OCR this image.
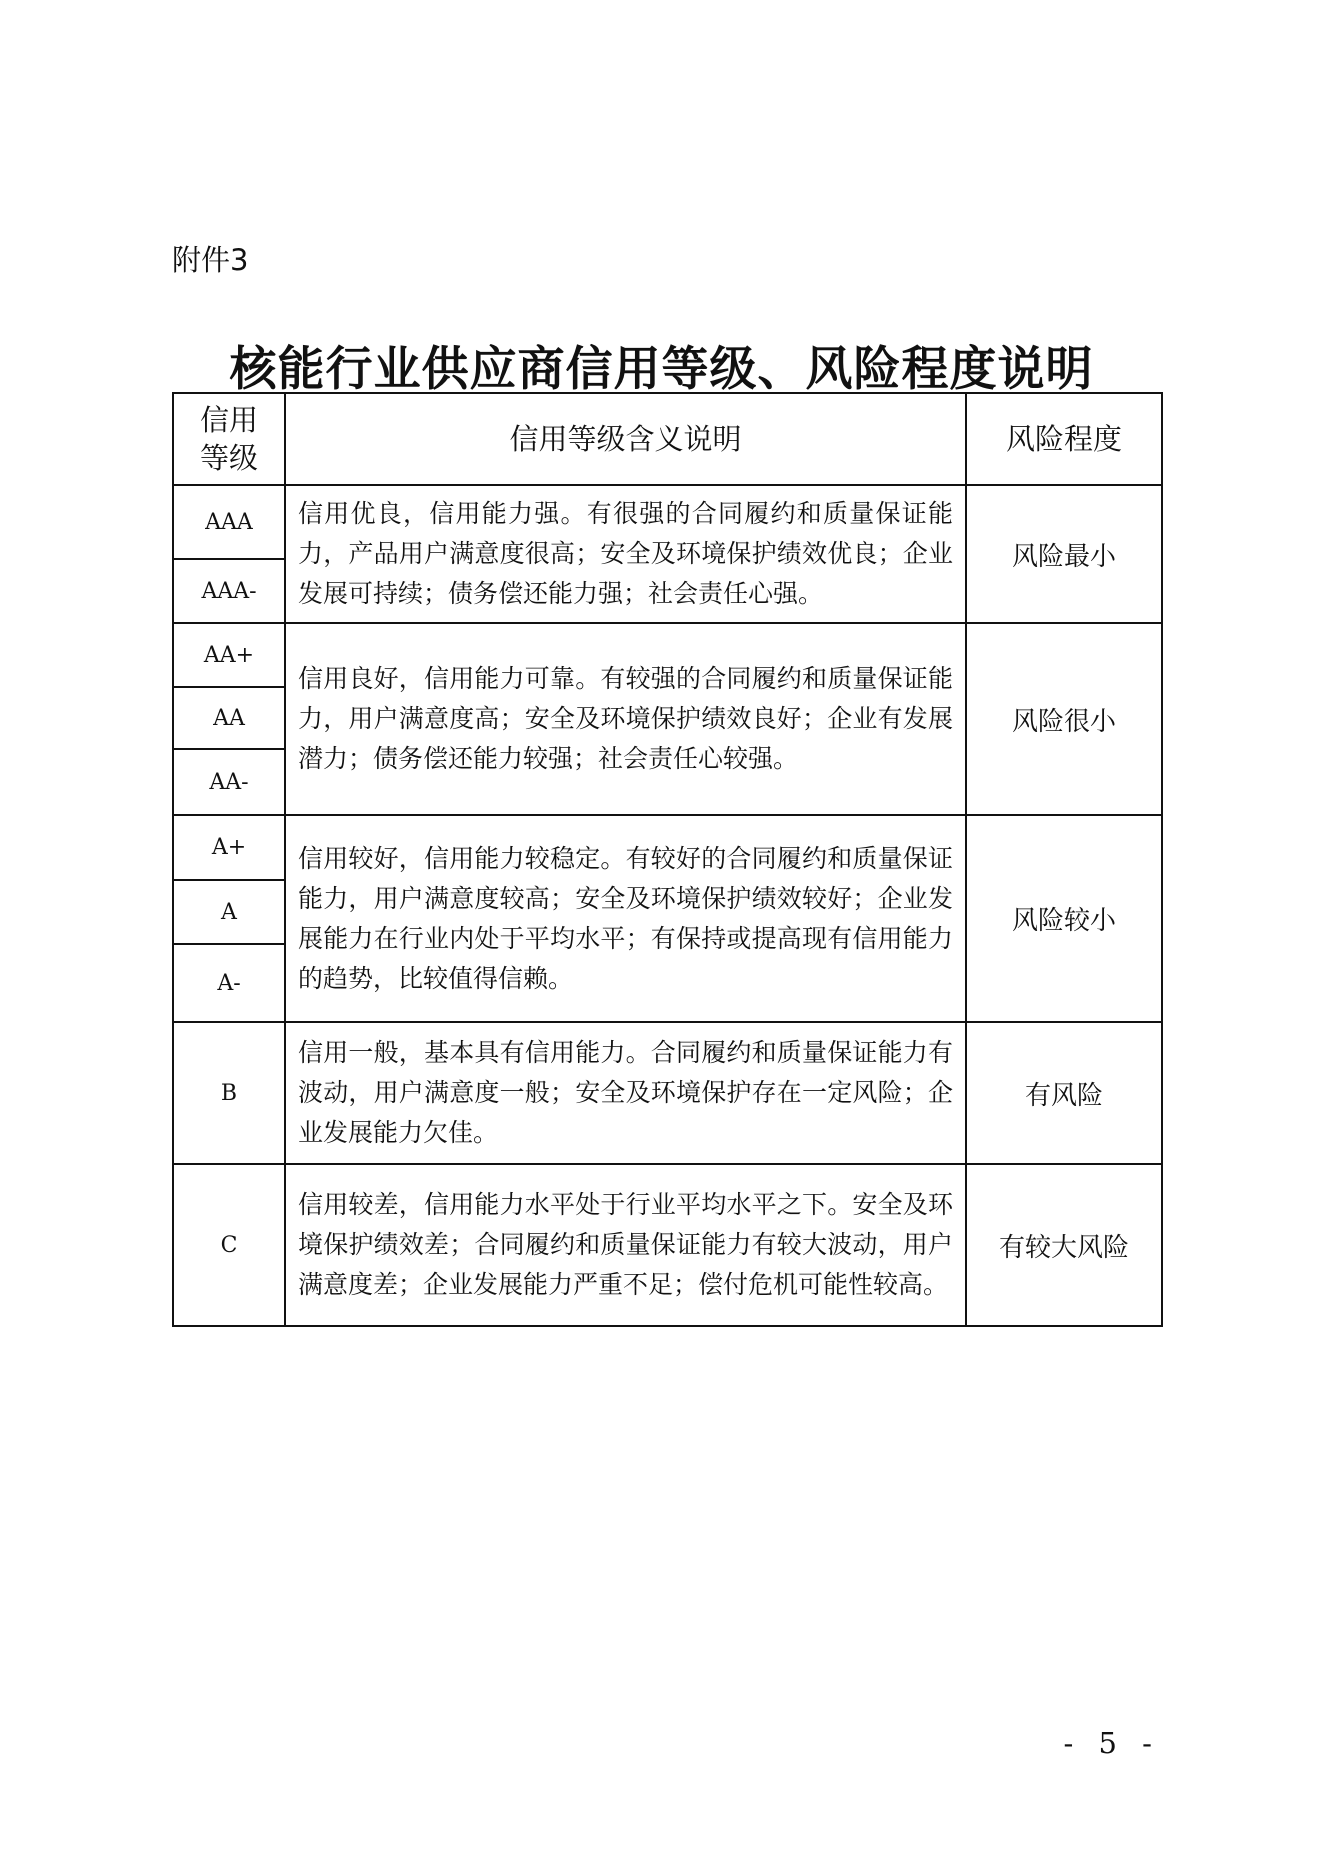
附件3
核能行业供应商信用等级、风险程度说明
信用
等级	信用等级含义说明	风险程度
AAA	信用优良，信用能力强。有很强的合同履约和质量保证能力，产品用户满意度很高；安全及环境保护绩效优良；企业发展可持续；债务偿还能力强；社会责任心强。	风险最小
AAA-		
AA+	信用良好，信用能力可靠。有较强的合同履约和质量保证能力，用户满意度高；安全及环境保护绩效良好；企业有发展潜力；债务偿还能力较强；社会责任心较强。	风险很小
AA		
AA-		
A+	信用较好，信用能力较稳定。有较好的合同履约和质量保证能力，用户满意度较高；安全及环境保护绩效较好；企业发展能力在行业内处于平均水平；有保持或提高现有信用能力的趋势，比较值得信赖。	风险较小
A		
A-		
B	信用一般，基本具有信用能力。合同履约和质量保证能力有波动，用户满意度一般；安全及环境保护存在一定风险；企业发展能力欠佳。	有风险
C	信用较差，信用能力水平处于行业平均水平之下。安全及环境保护绩效差；合同履约和质量保证能力有较大波动，用户满意度差；企业发展能力严重不足；偿付危机可能性较高。	有较大风险
- 5 -
